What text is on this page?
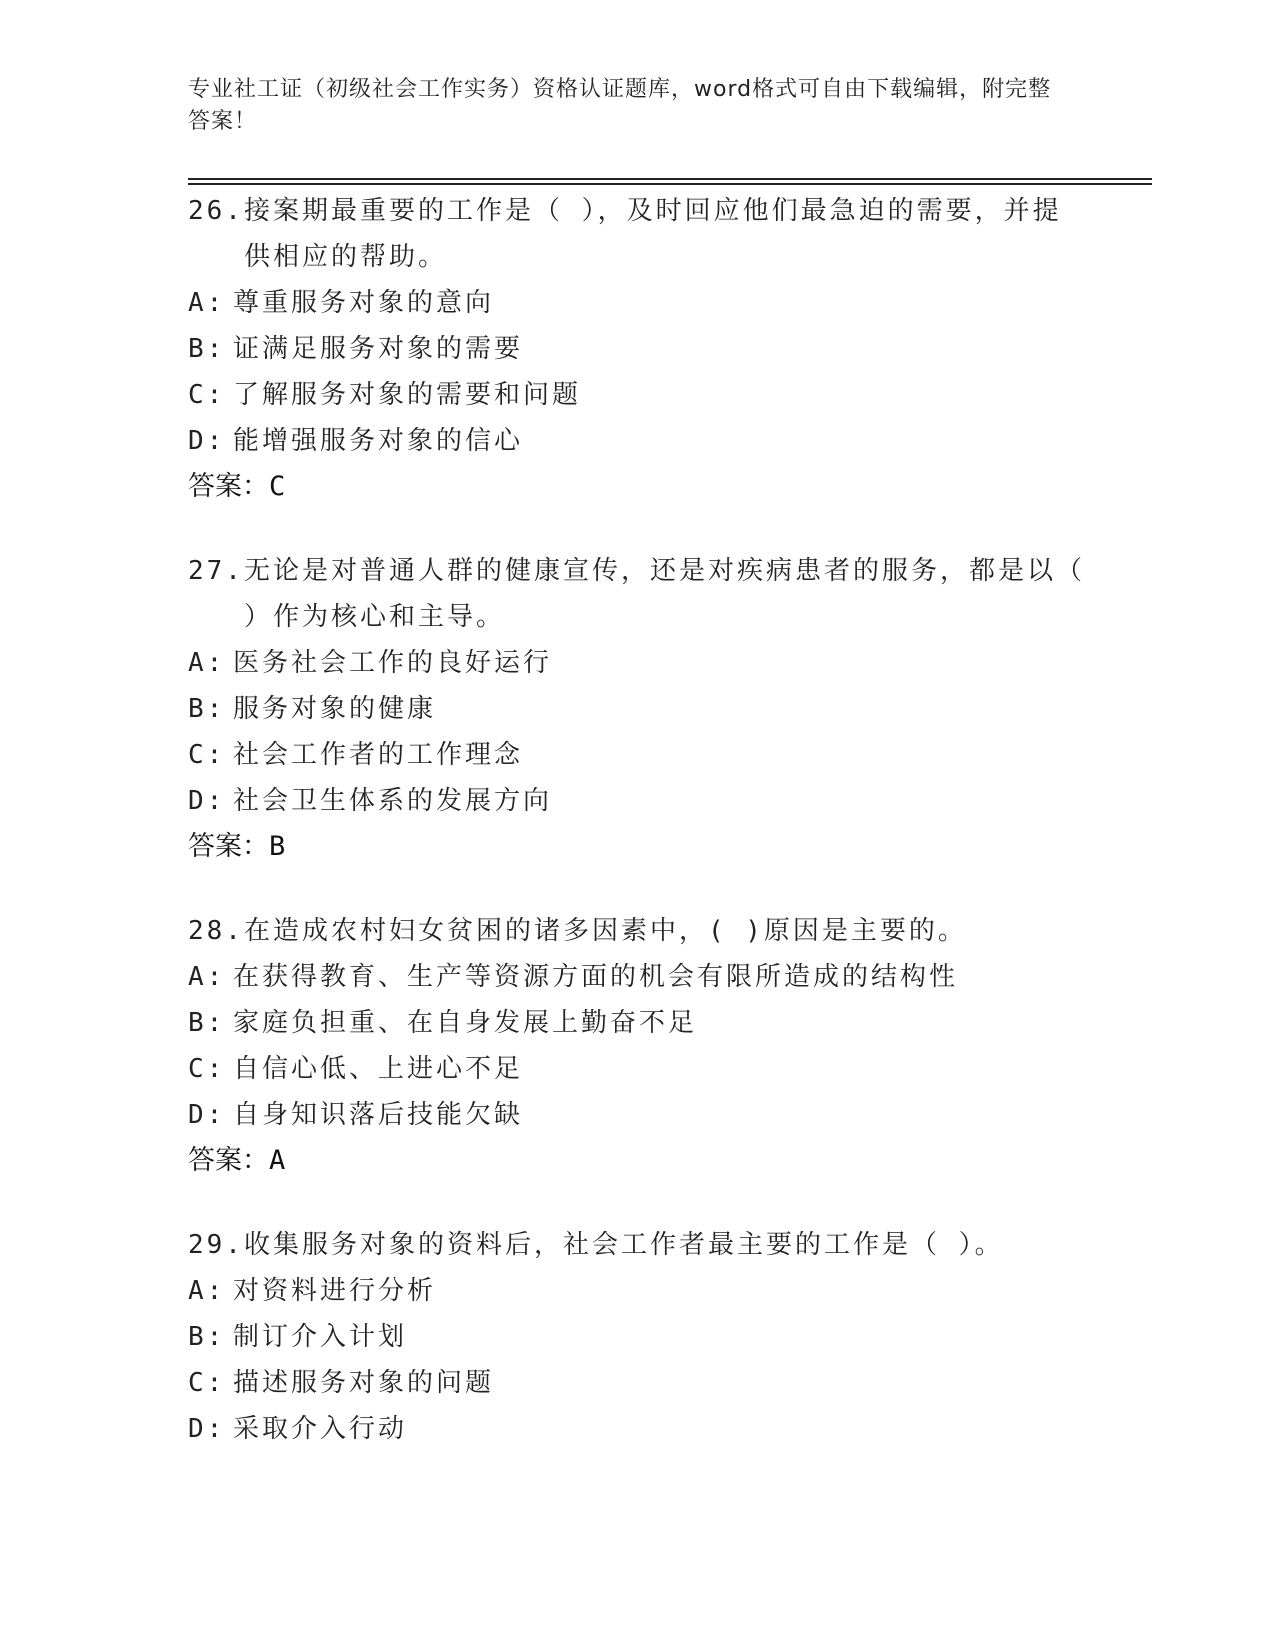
专业社工证（初级社会工作实务）资格认证题库，word格式可自由下载编辑，附完整答案！
26. 接案期最重要的工作是（ ），及时回应他们最急迫的需要，并提供相应的帮助。
A: 尊重服务对象的意向
B: 证满足服务对象的需要
C: 了解服务对象的需要和问题
D: 能增强服务对象的信心
答案：C
27. 无论是对普通人群的健康宣传，还是对疾病患者的服务，都是以（ ）作为核心和主导。
A: 医务社会工作的良好运行
B: 服务对象的健康
C: 社会工作者的工作理念
D: 社会卫生体系的发展方向
答案：B
28. 在造成农村妇女贫困的诸多因素中，( )原因是主要的。
A: 在获得教育、生产等资源方面的机会有限所造成的结构性
B: 家庭负担重、在自身发展上勤奋不足
C: 自信心低、上进心不足
D: 自身知识落后技能欠缺
答案：A
29. 收集服务对象的资料后，社会工作者最主要的工作是（ ）。
A: 对资料进行分析
B: 制订介入计划
C: 描述服务对象的问题
D: 采取介入行动
